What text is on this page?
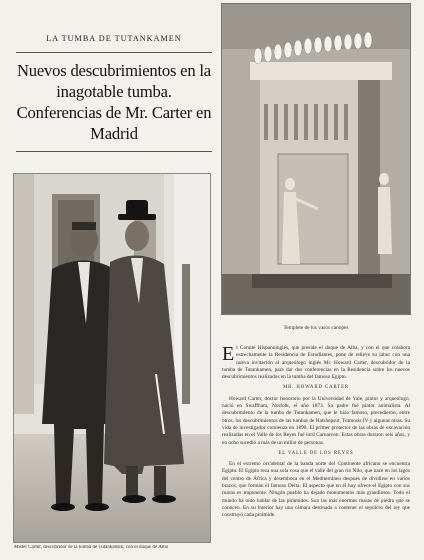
LA TUMBA DE TUTANKAMEN
Nuevos descubrimientos en la inagotable tumba. Conferencias de Mr. Carter en Madrid
Mister Carter, descubridor de la tumba de Tutankamen, con el duque de Alba
Templete de los vasos canopes

El Comité Hispanoinglés, que preside el duque de Alba, y con el que colabora estrechamente la Residencia de Estudiantes, pone de relieve su labor con una nueva invitación al arqueólogo inglés Mr. Howard Carter, descubridor de la tumba de Tutankamen, para dar dos conferencias en la Residencia sobre los nuevos descubrimientos realizados en la tumba del famoso Egipto.

MR. HOWARD CARTER

Howard Carter, doctor honorario por la Universidad de Yale, pintor y arqueólogo, nació en Swaffham, Norfolk, el año 1873. Su padre fué pintor animalista. Al descubrimiento de la tumba de Tutankamen, que le hizo famoso, precedieron, entre otros, los descubrimientos de las tumbas de Hatshepsut, Tutmosis IV y algunas otras. Su vida de investigador comienza en 1890. El primer protector de las obras de excavación realizadas en el Valle de los Reyes fué lord Carnarvon. Estas obras duraron seis años, y en ocho sucedió a más de un millar de personas.

EL VALLE DE LOS REYES

En el extremo occidental de la banda norte del Continente africano se encuentra Egipto. El Egipto reza una sola cosa que el valle del gran río Nilo, que nace en los lagos del centro de África y desemboca en el Mediterráneo después de dividirse en varios brazos, que forman el famoso Delta. El aspecto que en él hoy ofrece el Egipto con sus ruinas es imponente. Ningún pueblo ha dejado monumentos más grandiosos. Todo el mundo ha oído hablar de las pirámides. Son las más enormes masas de piedra que se conocen. En su interior hay una cámara destinada a contener el sepulcro del rey que construyó cada pirámide.
